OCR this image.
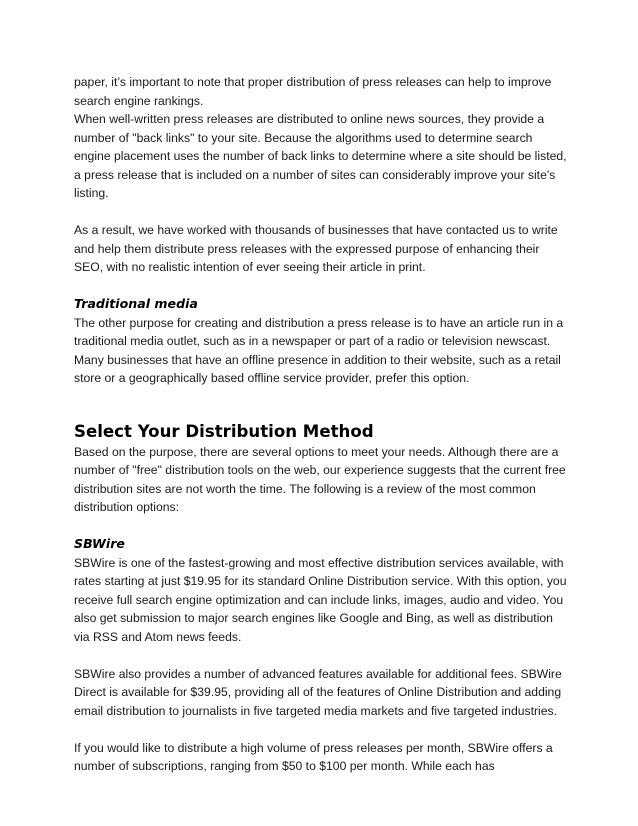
paper, it’s important to note that proper distribution of press releases can help to improve search engine rankings.

When well-written press releases are distributed to online news sources, they provide a number of "back links" to your site. Because the algorithms used to determine search engine placement uses the number of back links to determine where a site should be listed, a press release that is included on a number of sites can considerably improve your site's listing.

As a result, we have worked with thousands of businesses that have contacted us to write and help them distribute press releases with the expressed purpose of enhancing their SEO, with no realistic intention of ever seeing their article in print.

Traditional media

The other purpose for creating and distribution a press release is to have an article run in a traditional media outlet, such as in a newspaper or part of a radio or television newscast. Many businesses that have an offline presence in addition to their website, such as a retail store or a geographically based offline service provider, prefer this option.

Select Your Distribution Method

Based on the purpose, there are several options to meet your needs. Although there are a number of "free" distribution tools on the web, our experience suggests that the current free distribution sites are not worth the time. The following is a review of the most common distribution options:

SBWire

SBWire is one of the fastest-growing and most effective distribution services available, with rates starting at just $19.95 for its standard Online Distribution service. With this option, you receive full search engine optimization and can include links, images, audio and video. You also get submission to major search engines like Google and Bing, as well as distribution via RSS and Atom news feeds.

SBWire also provides a number of advanced features available for additional fees. SBWire Direct is available for $39.95, providing all of the features of Online Distribution and adding email distribution to journalists in five targeted media markets and five targeted industries.

If you would like to distribute a high volume of press releases per month, SBWire offers a number of subscriptions, ranging from $50 to $100 per month. While each has
